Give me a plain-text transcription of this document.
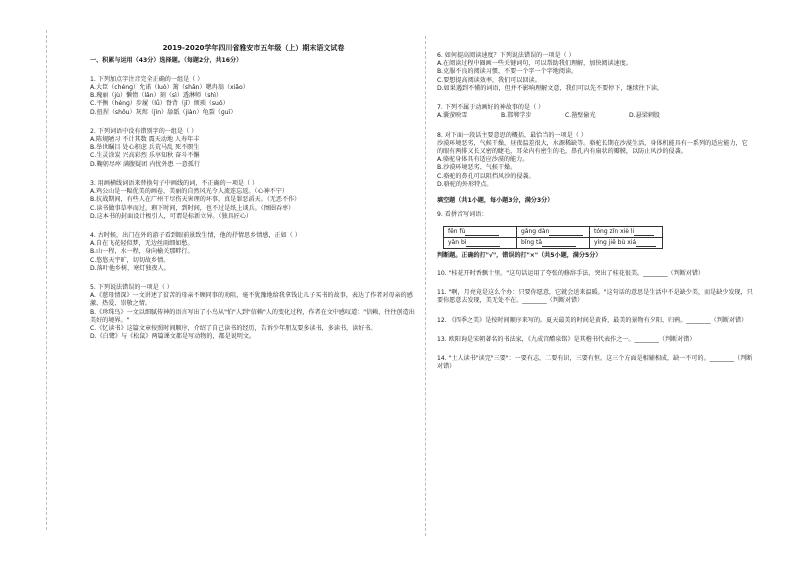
2019-2020学年四川省雅安市五年级（上）期末语文试卷
一、积累与运用（43分）选择题。（每题2分，共16分）
1. 下列加点字注音完全正确的一组是（ ）
A.大臣（chénɡ）允诺（luò）篱（shān）嗯冉翁（xiǎo）
B.瑰丽（jù）懒惰（lǎn）刻（sì）透淋师（shì）
C.平衡（hénɡ）步履（lǚ）脊背（jǐ）烦琐（suǒ）
D.扭捏（shǒu）灰烬（jìn）舔舐（jiàn）龟裂（ɡuī）
2. 下列词语中没有错别字的一组是（ ）
A.陈规陋习 不计其数 震天动地 人寿年丰
B.举世瞩目 处心积虑 兵荒马乱 死不瞑生
C.生灵涂炭 兴高彩烈 乐享知秋 奋斗不懈
D.鞠躬尽瘁 满腹疑团 内忧外患 一意孤行
3. 用画横线词语来替换句子中画线的词，不正确的一项是（ ）
A.鸡公山是一幅优美的画卷，美丽的自然风光令人流连忘返。（心神不宁）
B.抗战期间，有些人在广州干尽伤天害理的坏事，真是罪恶滔天。（无恶不作）
C.读书做事草率而过，剩下时间，到时间，也不过是纸上谈兵。（囫囵吞枣）
D.这本书的封面设计极引人，可谓是标新立异。（独具匠心）
4. 古时候，出门在外的游子看到眼前景致生情，他的抒情思乡情感，正如（ ）
A.自在飞花轻似梦，无边丝雨细如愁。
B.山一程，水一程，身向榆关那畔行。
C.悠悠天宇旷，切切故乡情。
D.落叶他乡树，寒灯独夜人。
5. 下列说法错误的一项是（ ）
A.《慈母情深》一文讲述了贫苦的母亲不顾同事的劝阻，毫不犹豫地给我拿钱让儿子买书的故事，表达了作者对母亲的感激、热爱、崇敬之情。
B.《珍珠鸟》一文以细腻传神的语言写出了小鸟从"怕"人到"信赖"人的变化过程，作者在文中感叹道："信赖，往往创造出美好的境界。"
C.《忆读书》这篇文章按照时间顺序，介绍了自己读书的经历，告诉少年朋友要多读书，多读书，读好书。
D.《白鹭》与《松鼠》两篇课文都是写动物的，都是说明文。
6. 如何提高阅读速度？下列说法错误的一项是（ ）
A.在阅读过程中圈画一些关键词句，可以帮助我们理解，加快阅读速度。
B.克服不良的阅读习惯，不要一个字一个字地阅读。
C.要想提高阅读效率，我们可以回读。
D.如果遇到不懂的词语，但并不影响理解文意，我们可以先不要停下，继续往下读。
7. 下列不属于动画好的神故事的是（ ）
A.囊萤映雪	B.邯郸学步	C.凿壁偷光	D.悬梁刺股
8. 对下面一段话主要意思的概括，最恰当的一项是（ ）
沙漠环境恶劣，气候干燥，昼夜温差很大，水源稀缺等。骆驼长期在沙漠生活，身体机能具有一系列的适应能力，它的眼有两排又长又密的睫毛，耳朵内有密生的毛，鼻孔内有扇状的瓣膜，以防止风沙的侵袭。
A.骆驼身体具有适应沙漠的能力。
B.沙漠环境恶劣、气候干燥。
C.骆驼的鼻孔可以阻挡风沙的侵袭。
D.骆驼的外形特点。
填空题（共1小题，每小题3分，满分3分）
9. 看拼音写词语：
fēn fù	gǎng dàn	tóng zǐn xiè li
yǎn bì	bǐng tā	yíng jiē bù xiá
判断题。正确的打"√"，错误的打"×"（共5小题，满分5分）
10. "桂花开时香飘十里。"这句话运用了夸张的修辞手法，突出了桂花很美。________（判断对错）
11. "啊，月亮竟是这么个办：只要你愿意，它就会送来温暖。"这句话的意思是生活中不是缺少美，而是缺少发现，只要你愿意去发现，美无处不在。________（判断对错）
12. 《四季之美》是按时间顺序来写的。夏天最美的时间是黄昏，最美的景物有夕阳、归鸦。________（判断对错）
13. 欧阳询是宋朝著名的书法家，《九成宫醴泉铭》是其楷书代表作之一。________（判断对错）
14. "士人读书"读完"三要"：一要有志，二要有识，三要有恒。这三个方面是相辅相成，缺一不可的。________（判断对错）
